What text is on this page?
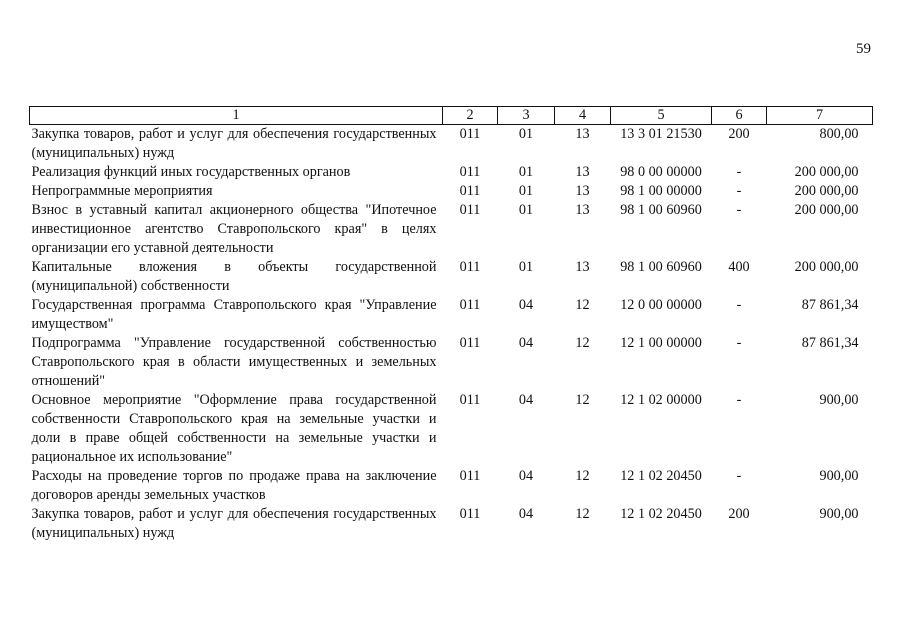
59
1	2	3	4	5	6	7
Закупка товаров, работ и услуг для обеспечения государственных (муниципальных) нужд	011	01	13	13 3 01 21530	200	800,00
Реализация функций иных государственных органов	011	01	13	98 0 00 00000	-	200 000,00
Непрограммные мероприятия	011	01	13	98 1 00 00000	-	200 000,00
Взнос в уставный капитал акционерного общества "Ипотечное инвестиционное агентство Ставропольского края" в целях организации его уставной деятельности	011	01	13	98 1 00 60960	-	200 000,00
Капитальные вложения в объекты государственной (муниципальной) собственности	011	01	13	98 1 00 60960	400	200 000,00
Государственная программа Ставропольского края "Управление имуществом"	011	04	12	12 0 00 00000	-	87 861,34
Подпрограмма "Управление государственной собственностью Ставропольского края в области имущественных и земельных отношений"	011	04	12	12 1 00 00000	-	87 861,34
Основное мероприятие "Оформление права государственной собственности Ставропольского края на земельные участки и доли в праве общей собственности на земельные участки и рациональное их использование"	011	04	12	12 1 02 00000	-	900,00
Расходы на проведение торгов по продаже права на заключение договоров аренды земельных участков	011	04	12	12 1 02 20450	-	900,00
Закупка товаров, работ и услуг для обеспечения государственных (муниципальных) нужд	011	04	12	12 1 02 20450	200	900,00
